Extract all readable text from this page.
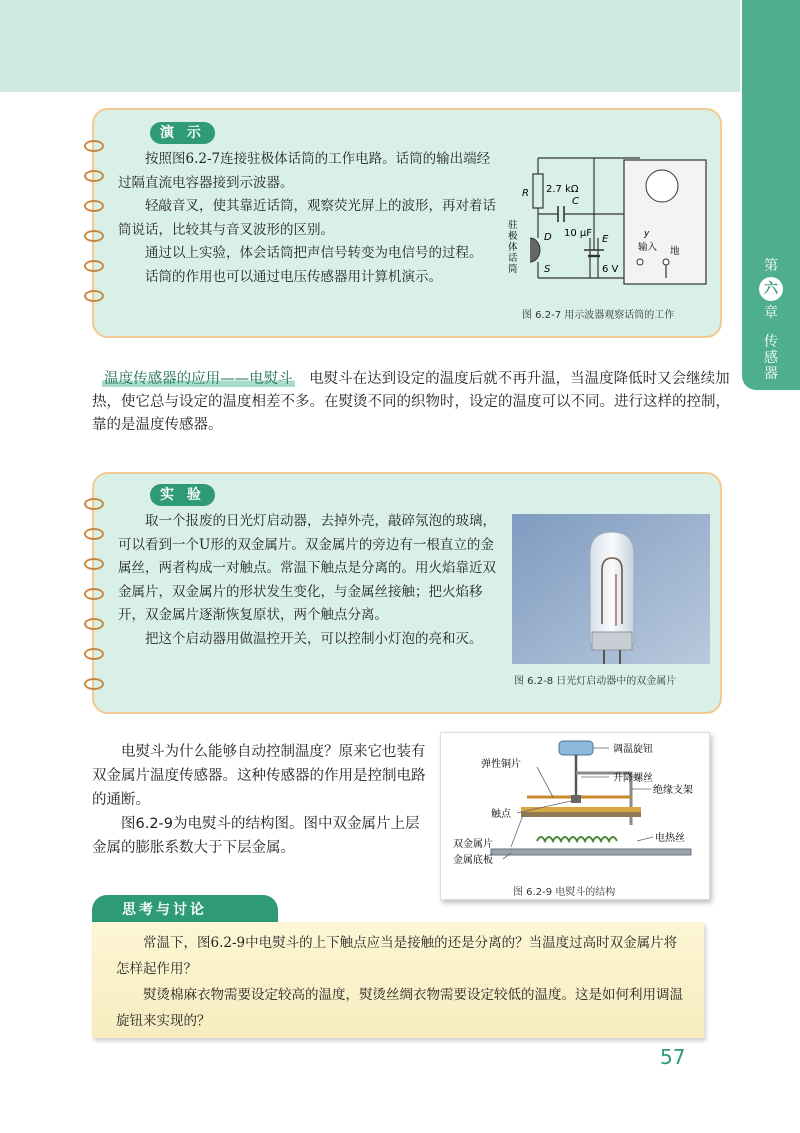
第
六
章
传
感
器
演 示

按照图6.2-7连接驻极体话筒的工作电路。话筒的输出端经过隔直流电容器接到示波器。

轻敲音叉，使其靠近话筒，观察荧光屏上的波形，再对着话筒说话，比较其与音叉波形的区别。

通过以上实验，体会话筒把声信号转变为电信号的过程。

话筒的作用也可以通过电压传感器用计算机演示。

R 2.7 kΩ
C
10 μF
E
6 V
D
S
驻
极
体
话
筒
y
输入 地
图 6.2-7 用示波器观察话筒的工作

温度传感器的应用——电熨斗  电熨斗在达到设定的温度后就不再升温，当温度降低时又会继续加热，使它总与设定的温度相差不多。在熨烫不同的织物时，设定的温度可以不同。进行这样的控制，靠的是温度传感器。

实 验

取一个报废的日光灯启动器，去掉外壳，敲碎氖泡的玻璃，可以看到一个U形的双金属片。双金属片的旁边有一根直立的金属丝，两者构成一对触点。常温下触点是分离的。用火焰靠近双金属片，双金属片的形状发生变化，与金属丝接触；把火焰移开，双金属片逐渐恢复原状，两个触点分离。

把这个启动器用做温控开关，可以控制小灯泡的亮和灭。

图 6.2-8 日光灯启动器中的双金属片

电熨斗为什么能够自动控制温度？原来它也装有双金属片温度传感器。这种传感器的作用是控制电路的通断。

图6.2-9为电熨斗的结构图。图中双金属片上层金属的膨胀系数大于下层金属。

调温旋钮
弹性铜片
升降螺丝
绝缘支架
触点
电热丝
双金属片
金属底板
图 6.2-9 电熨斗的结构
思考与讨论

常温下，图6.2-9中电熨斗的上下触点应当是接触的还是分离的？当温度过高时双金属片将怎样起作用？

熨烫棉麻衣物需要设定较高的温度，熨烫丝绸衣物需要设定较低的温度。这是如何利用调温旋钮来实现的？

57
